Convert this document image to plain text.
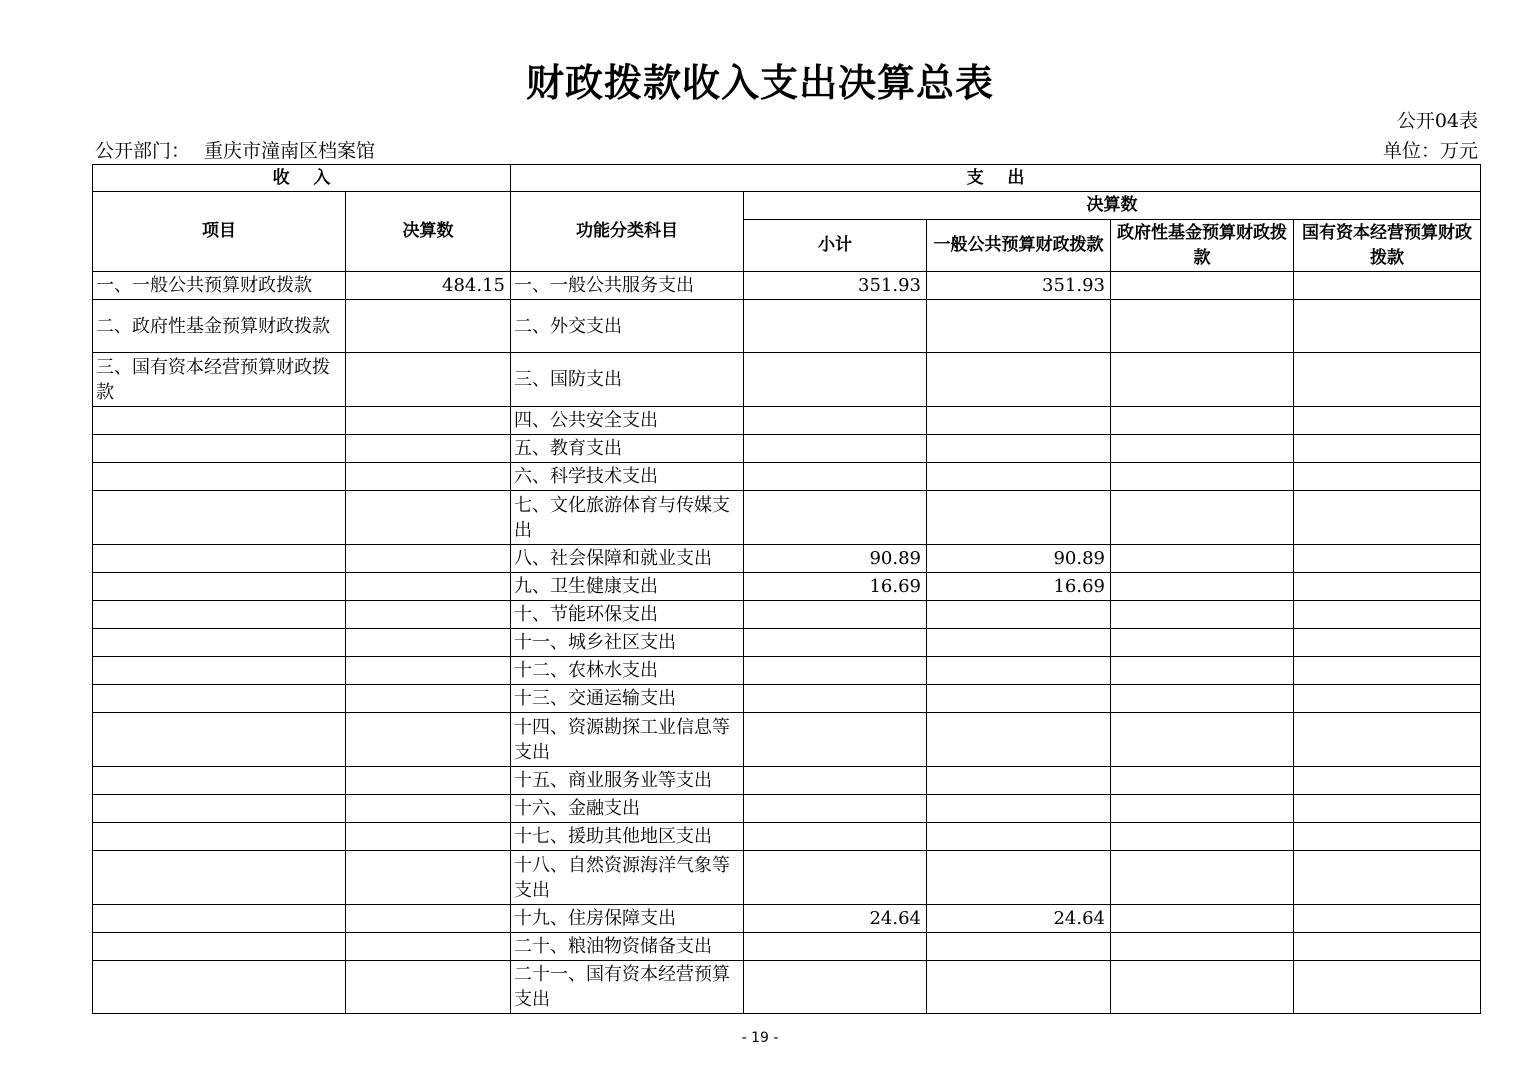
财政拨款收入支出决算总表
公开04表
公开部门： 重庆市潼南区档案馆	单位：万元
收    入		支    出				
项目	决算数	功能分类科目	决算数			
			小计	一般公共预算财政拨款	政府性基金预算财政拨款	国有资本经营预算财政拨款
一、一般公共预算财政拨款	484.15	一、一般公共服务支出	351.93	351.93		
二、政府性基金预算财政拨款		二、外交支出				
三、国有资本经营预算财政拨款		三、国防支出				
		四、公共安全支出				
		五、教育支出				
		六、科学技术支出				
		七、文化旅游体育与传媒支出				
		八、社会保障和就业支出	90.89	90.89		
		九、卫生健康支出	16.69	16.69		
		十、节能环保支出				
		十一、城乡社区支出				
		十二、农林水支出				
		十三、交通运输支出				
		十四、资源勘探工业信息等支出				
		十五、商业服务业等支出				
		十六、金融支出				
		十七、援助其他地区支出				
		十八、自然资源海洋气象等支出				
		十九、住房保障支出	24.64	24.64		
		二十、粮油物资储备支出				
		二十一、国有资本经营预算支出				
- 19 -
